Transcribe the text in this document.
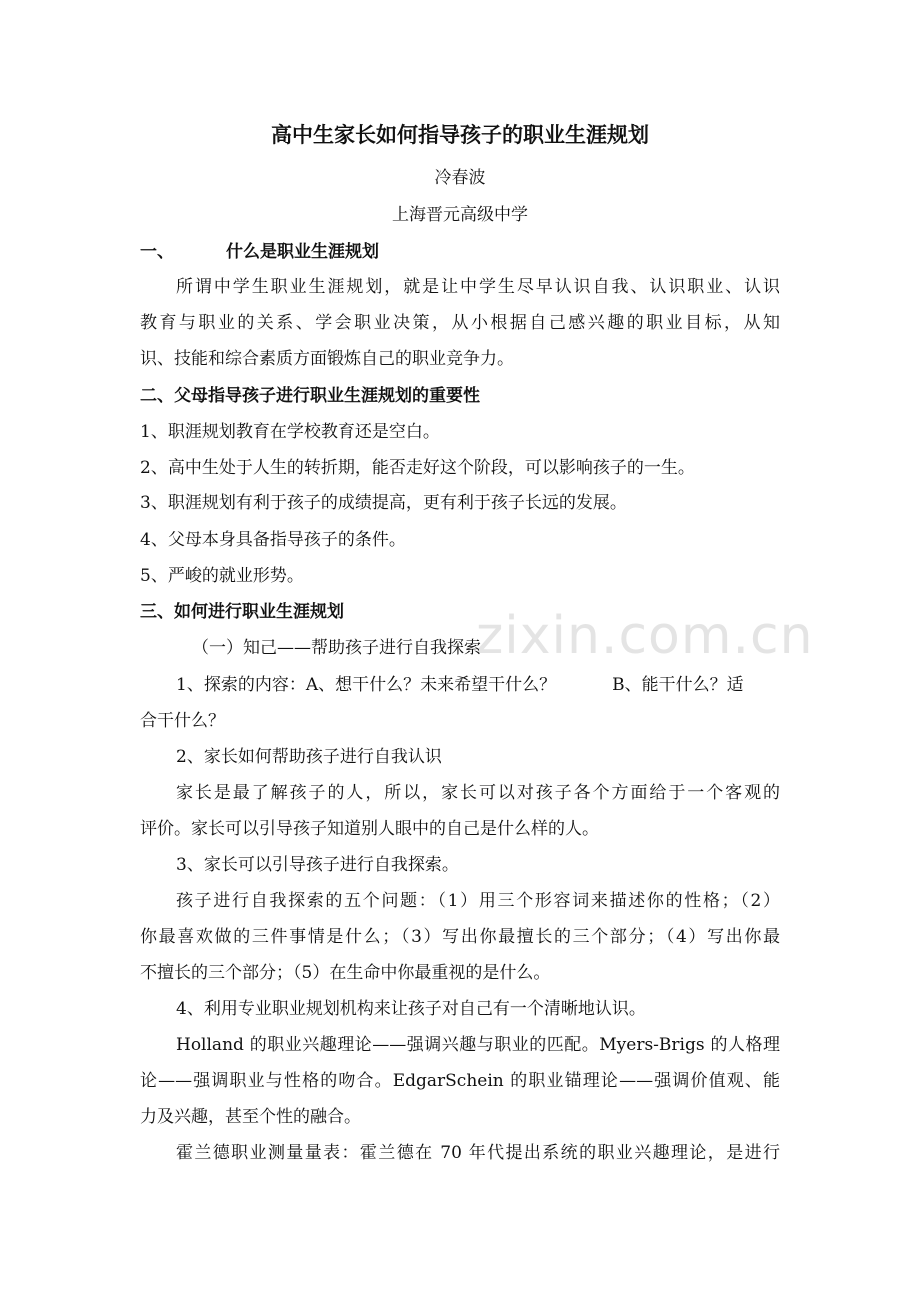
zixin.com.cn
高中生家长如何指导孩子的职业生涯规划
冷春波
上海晋元高级中学
一、	什么是职业生涯规划
所谓中学生职业生涯规划，就是让中学生尽早认识自我、认识职业、认识
教育与职业的关系、学会职业决策，从小根据自己感兴趣的职业目标，从知
识、技能和综合素质方面锻炼自己的职业竞争力。
二、父母指导孩子进行职业生涯规划的重要性
1、职涯规划教育在学校教育还是空白。
2、高中生处于人生的转折期，能否走好这个阶段，可以影响孩子的一生。
3、职涯规划有利于孩子的成绩提高，更有利于孩子长远的发展。
4、父母本身具备指导孩子的条件。
5、严峻的就业形势。
三、如何进行职业生涯规划
（一）知己——帮助孩子进行自我探索
1、探索的内容：A、想干什么？未来希望干什么？	B、能干什么？适
合干什么？
2、家长如何帮助孩子进行自我认识
家长是最了解孩子的人，所以，家长可以对孩子各个方面给于一个客观的
评价。家长可以引导孩子知道别人眼中的自己是什么样的人。
3、家长可以引导孩子进行自我探索。
孩子进行自我探索的五个问题：（1）用三个形容词来描述你的性格；（2）
你最喜欢做的三件事情是什么；（3）写出你最擅长的三个部分；（4）写出你最
不擅长的三个部分；（5）在生命中你最重视的是什么。
4、利用专业职业规划机构来让孩子对自己有一个清晰地认识。
Holland 的职业兴趣理论——强调兴趣与职业的匹配。Myers-Brigs 的人格理
论——强调职业与性格的吻合。EdgarSchein 的职业锚理论——强调价值观、能
力及兴趣，甚至个性的融合。
霍兰德职业测量量表：霍兰德在 70 年代提出系统的职业兴趣理论，是进行
